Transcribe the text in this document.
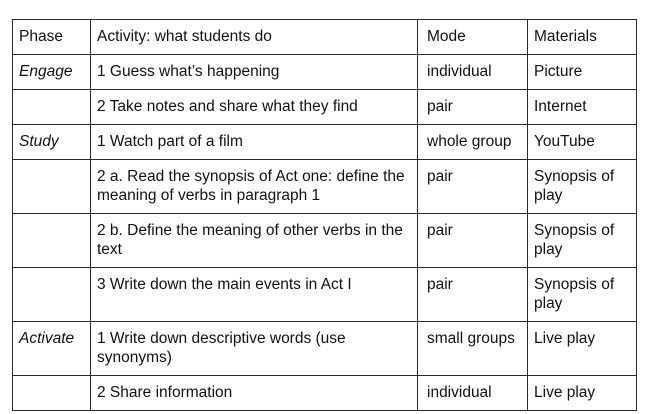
Phase	Activity: what students do	Mode	Materials
Engage	1 Guess what’s happening	individual	Picture
	2 Take notes and share what they find	pair	Internet
Study	1 Watch part of a film	whole group	YouTube
	2 a. Read the synopsis of Act one: define the meaning of verbs in paragraph 1	pair	Synopsis of play
	2 b. Define the meaning of other verbs in the text	pair	Synopsis of play
	3 Write down the main events in Act I	pair	Synopsis of play
Activate	1 Write down descriptive words (use synonyms)	small groups	Live play
	2 Share information	individual	Live play
